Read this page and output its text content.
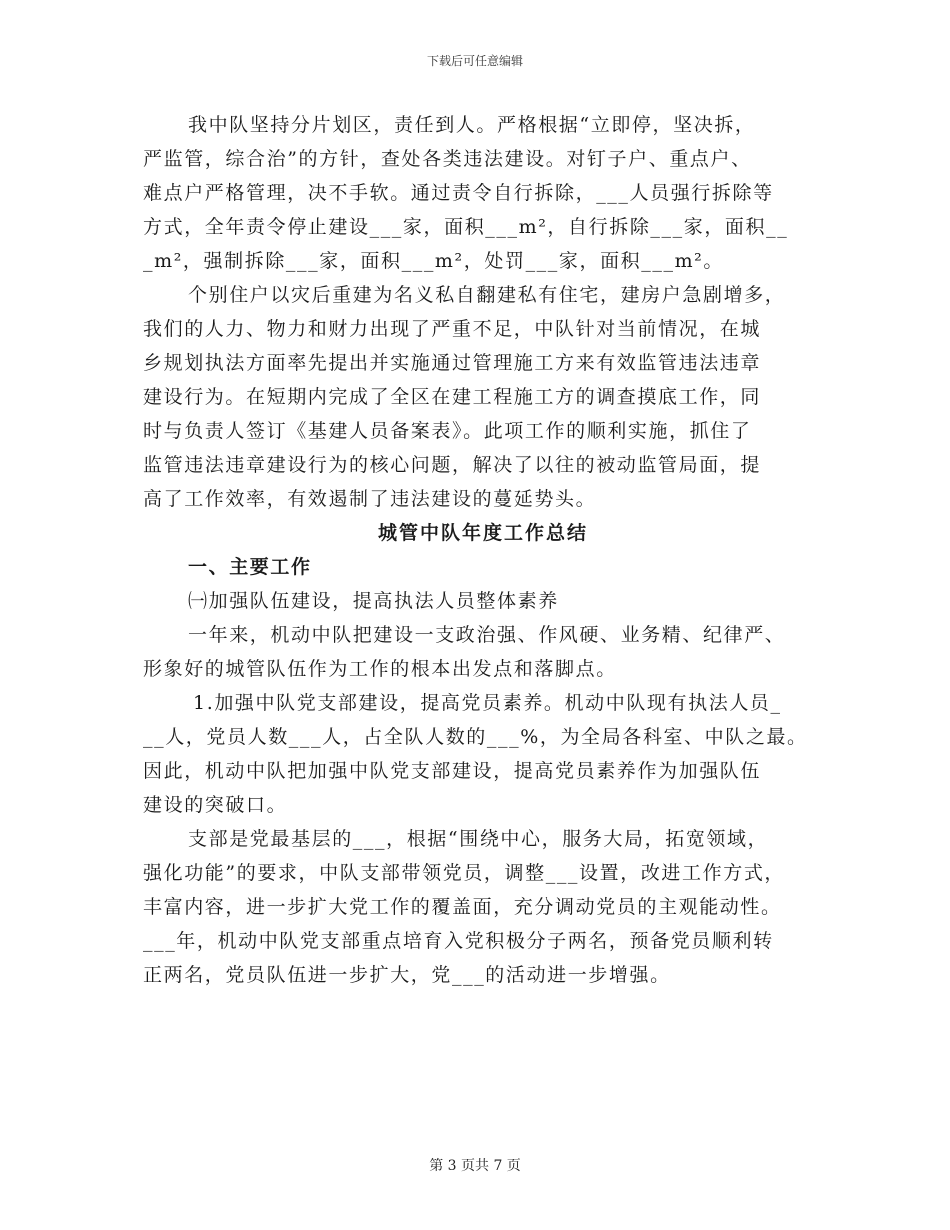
下载后可任意编辑
我中队坚持分片划区，责任到人。严格根据“立即停，坚决拆，
严监管，综合治”的方针，查处各类违法建设。对钉子户、重点户、
难点户严格管理，决不手软。通过责令自行拆除，___人员强行拆除等
方式，全年责令停止建设___家，面积___m²，自行拆除___家，面积__
_m²，强制拆除___家，面积___m²，处罚___家，面积___m²。
个别住户以灾后重建为名义私自翻建私有住宅，建房户急剧增多，
我们的人力、物力和财力出现了严重不足，中队针对当前情况，在城
乡规划执法方面率先提出并实施通过管理施工方来有效监管违法违章
建设行为。在短期内完成了全区在建工程施工方的调查摸底工作，同
时与负责人签订《基建人员备案表》。此项工作的顺利实施，抓住了
监管违法违章建设行为的核心问题，解决了以往的被动监管局面，提
高了工作效率，有效遏制了违法建设的蔓延势头。
城管中队年度工作总结
一、主要工作
㈠加强队伍建设，提高执法人员整体素养
一年来，机动中队把建设一支政治强、作风硬、业务精、纪律严、
形象好的城管队伍作为工作的根本出发点和落脚点。
1.加强中队党支部建设，提高党员素养。机动中队现有执法人员_
__人，党员人数___人，占全队人数的___%，为全局各科室、中队之最。
因此，机动中队把加强中队党支部建设，提高党员素养作为加强队伍
建设的突破口。
支部是党最基层的___，根据“围绕中心，服务大局，拓宽领域，
强化功能”的要求，中队支部带领党员，调整___设置，改进工作方式，
丰富内容，进一步扩大党工作的覆盖面，充分调动党员的主观能动性。
___年，机动中队党支部重点培育入党积极分子两名，预备党员顺利转
正两名，党员队伍进一步扩大，党___的活动进一步增强。
第 3 页共 7 页
